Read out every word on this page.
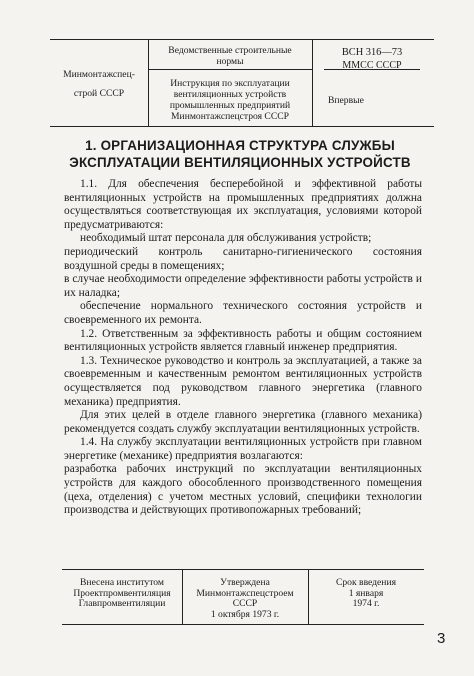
Минмонтажспец-
строй СССР
Ведомственные строительные
нормы
Инструкция по эксплуатации
вентиляционных устройств
промышленных предприятий
Минмонтажспецстроя СССР
ВСН 316—73
ММСС СССР
Впервые
1. ОРГАНИЗАЦИОННАЯ СТРУКТУРА СЛУЖБЫ
ЭКСПЛУАТАЦИИ ВЕНТИЛЯЦИОННЫХ УСТРОЙСТВ

1.1. Для обеспечения бесперебойной и эффективной работы вентиляционных устройств на промышленных предприятиях должна осуществляться соответствующая их эксплуатация, условиями которой предусматриваются:

необходимый штат персонала для обслуживания устройств;

периодический контроль санитарно-гигиенического состояния воздушной среды в помещениях;

в случае необходимости определение эффективности работы устройств и их наладка;

обеспечение нормального технического состояния устройств и своевременного их ремонта.

1.2. Ответственным за эффективность работы и общим состоянием вентиляционных устройств является главный инженер предприятия.

1.3. Техническое руководство и контроль за эксплуатацией, а также за своевременным и качественным ремонтом вентиляционных устройств осуществляется под руководством главного энергетика (главного механика) предприятия.

Для этих целей в отделе главного энергетика (главного механика) рекомендуется создать службу эксплуатации вентиляционных устройств.

1.4. На службу эксплуатации вентиляционных устройств при главном энергетике (механике) предприятия возлагаются:

разработка рабочих инструкций по эксплуатации вентиляционных устройств для каждого обособленного производственного помещения (цеха, отделения) с учетом местных условий, специфики технологии производства и действующих противопожарных требований;

Внесена институтом
Проектпромвентиляция
Главпромвентиляции
Утверждена
Минмонтажспецстроем
СССР
1 октября 1973 г.
Срок введения
1 января
1974 г.
3
